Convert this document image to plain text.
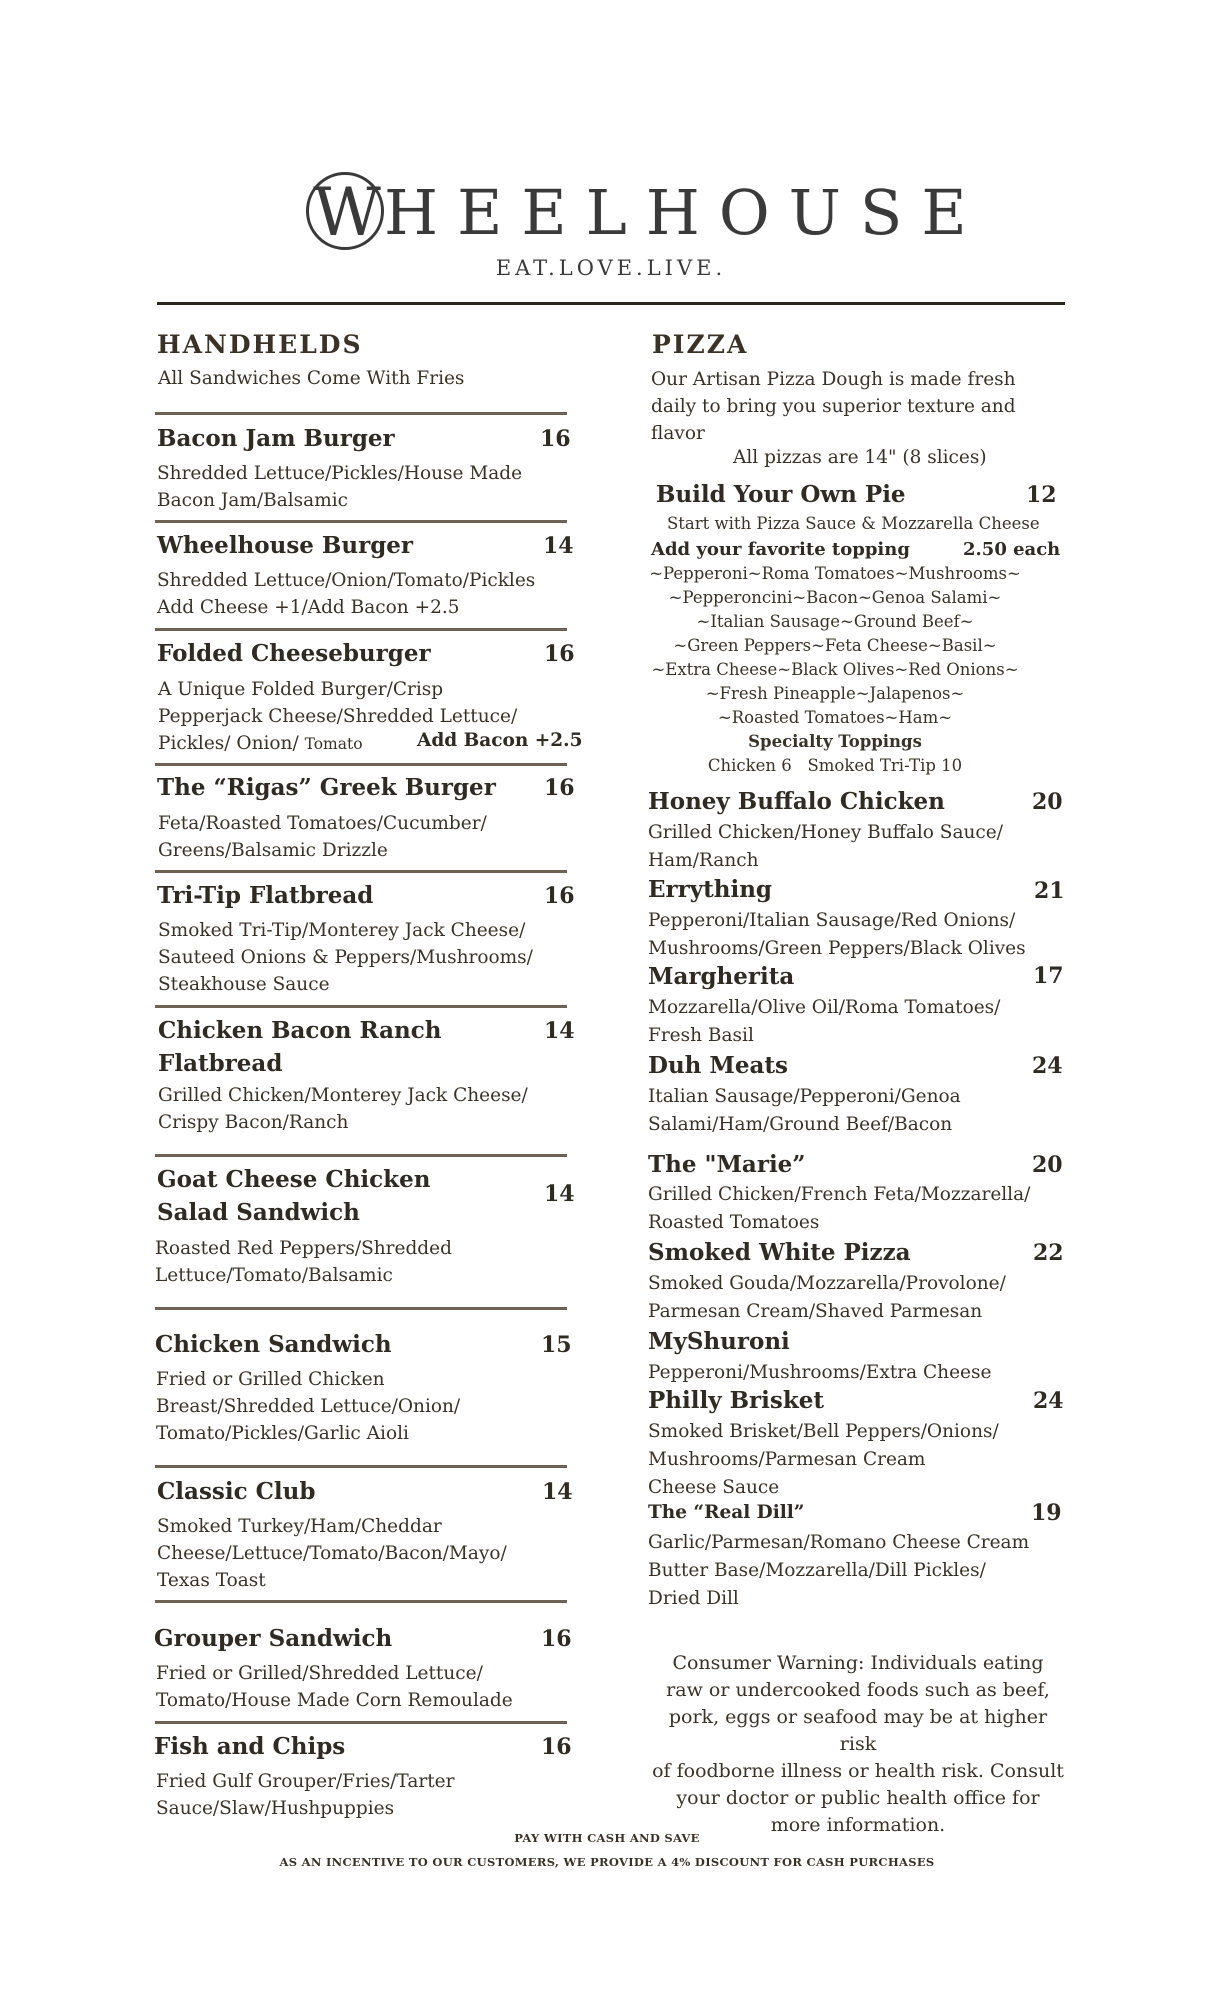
W HEELHOUSE
EAT.LOVE.LIVE.
HANDHELDS
All Sandwiches Come With Fries
Bacon Jam Burger	16
Shredded Lettuce/Pickles/House Made
Bacon Jam/Balsamic
Wheelhouse Burger	14
Shredded Lettuce/Onion/Tomato/Pickles
Add Cheese +1/Add Bacon +2.5
Folded Cheeseburger	16
A Unique Folded Burger/Crisp
Pepperjack Cheese/Shredded Lettuce/
Pickles/ Onion/ Tomato	Add Bacon +2.5
The “Rigas” Greek Burger 16
Feta/Roasted Tomatoes/Cucumber/
Greens/Balsamic Drizzle
Tri-Tip Flatbread	16
Smoked Tri-Tip/Monterey Jack Cheese/
Sauteed Onions & Peppers/Mushrooms/
Steakhouse Sauce
Chicken Bacon Ranch
Flatbread
14
Grilled Chicken/Monterey Jack Cheese/
Crispy Bacon/Ranch
Goat Cheese Chicken
Salad Sandwich
14
Roasted Red Peppers/Shredded
Lettuce/Tomato/Balsamic
Chicken Sandwich	15
Fried or Grilled Chicken
Breast/Shredded Lettuce/Onion/
Tomato/Pickles/Garlic Aioli
Classic Club	14
Smoked Turkey/Ham/Cheddar
Cheese/Lettuce/Tomato/Bacon/Mayo/
Texas Toast
Grouper Sandwich	16
Fried or Grilled/Shredded Lettuce/
Tomato/House Made Corn Remoulade
Fish and Chips	16
Fried Gulf Grouper/Fries/Tarter
Sauce/Slaw/Hushpuppies
PIZZA
Our Artisan Pizza Dough is made fresh
daily to bring you superior texture and
flavor
All pizzas are 14" (8 slices)
Build Your Own Pie	12
Start with Pizza Sauce & Mozzarella Cheese
Add your favorite topping	2.50 each
~Pepperoni~Roma Tomatoes~Mushrooms~
~Pepperoncini~Bacon~Genoa Salami~
~Italian Sausage~Ground Beef~
~Green Peppers~Feta Cheese~Basil~
~Extra Cheese~Black Olives~Red Onions~
~Fresh Pineapple~Jalapenos~
~Roasted Tomatoes~Ham~
Specialty Toppings
Chicken 6   Smoked Tri-Tip 10
Honey Buffalo Chicken	20
Grilled Chicken/Honey Buffalo Sauce/
Ham/Ranch
Errything	21
Pepperoni/Italian Sausage/Red Onions/
Mushrooms/Green Peppers/Black Olives
Margherita	17
Mozzarella/Olive Oil/Roma Tomatoes/
Fresh Basil
Duh Meats	24
Italian Sausage/Pepperoni/Genoa
Salami/Ham/Ground Beef/Bacon
The "Marie”	20
Grilled Chicken/French Feta/Mozzarella/
Roasted Tomatoes
Smoked White Pizza	22
Smoked Gouda/Mozzarella/Provolone/
Parmesan Cream/Shaved Parmesan
MyShuroni
Pepperoni/Mushrooms/Extra Cheese
Philly Brisket	24
Smoked Brisket/Bell Peppers/Onions/
Mushrooms/Parmesan Cream
Cheese Sauce
The “Real Dill”	19
Garlic/Parmesan/Romano Cheese Cream
Butter Base/Mozzarella/Dill Pickles/
Dried Dill
Consumer Warning: Individuals eating
raw or undercooked foods such as beef,
pork, eggs or seafood may be at higher risk
of foodborne illness or health risk. Consult
your doctor or public health office for
more information.
PAY WITH CASH AND SAVE
AS AN INCENTIVE TO OUR CUSTOMERS, WE PROVIDE A 4% DISCOUNT FOR CASH PURCHASES
